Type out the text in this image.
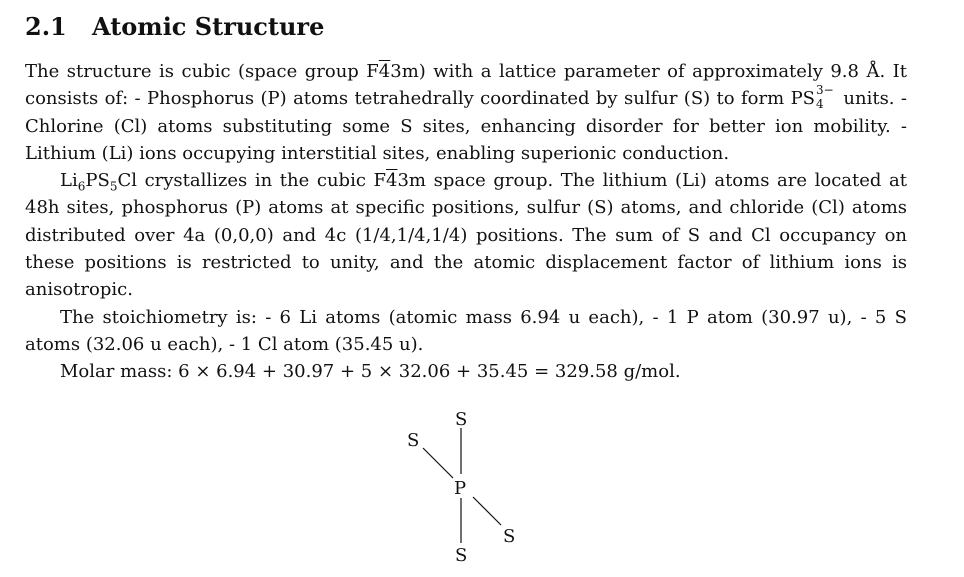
2.1 Atomic Structure

The structure is cubic (space group F43m) with a lattice parameter of approximately 9.8 Å. It consists of: - Phosphorus (P) atoms tetrahedrally coordinated by sulfur (S) to form PS 3−
4 units. - Chlorine (Cl) atoms substituting some S sites, enhancing disorder for better ion mobility. - Lithium (Li) ions occupying interstitial sites, enabling superionic conduction.

$Li_6PS_5Cl$ crystallizes in the cubic F43m space group. The lithium (Li) atoms are located at 48h sites, phosphorus (P) atoms at specific positions, sulfur (S) atoms, and chloride (Cl) atoms distributed over 4a (0,0,0) and 4c (1/4,1/4,1/4) positions. The sum of S and Cl occupancy on these positions is restricted to unity, and the atomic displacement factor of lithium ions is anisotropic.

The stoichiometry is: - 6 Li atoms (atomic mass 6.94 u each), - 1 P atom (30.97 u), - 5 S atoms (32.06 u each), - 1 Cl atom (35.45 u).

Molar mass: 6 × 6.94 + 30.97 + 5 × 32.06 + 35.45 = 329.58 g/mol.

S
S
P
S
S
